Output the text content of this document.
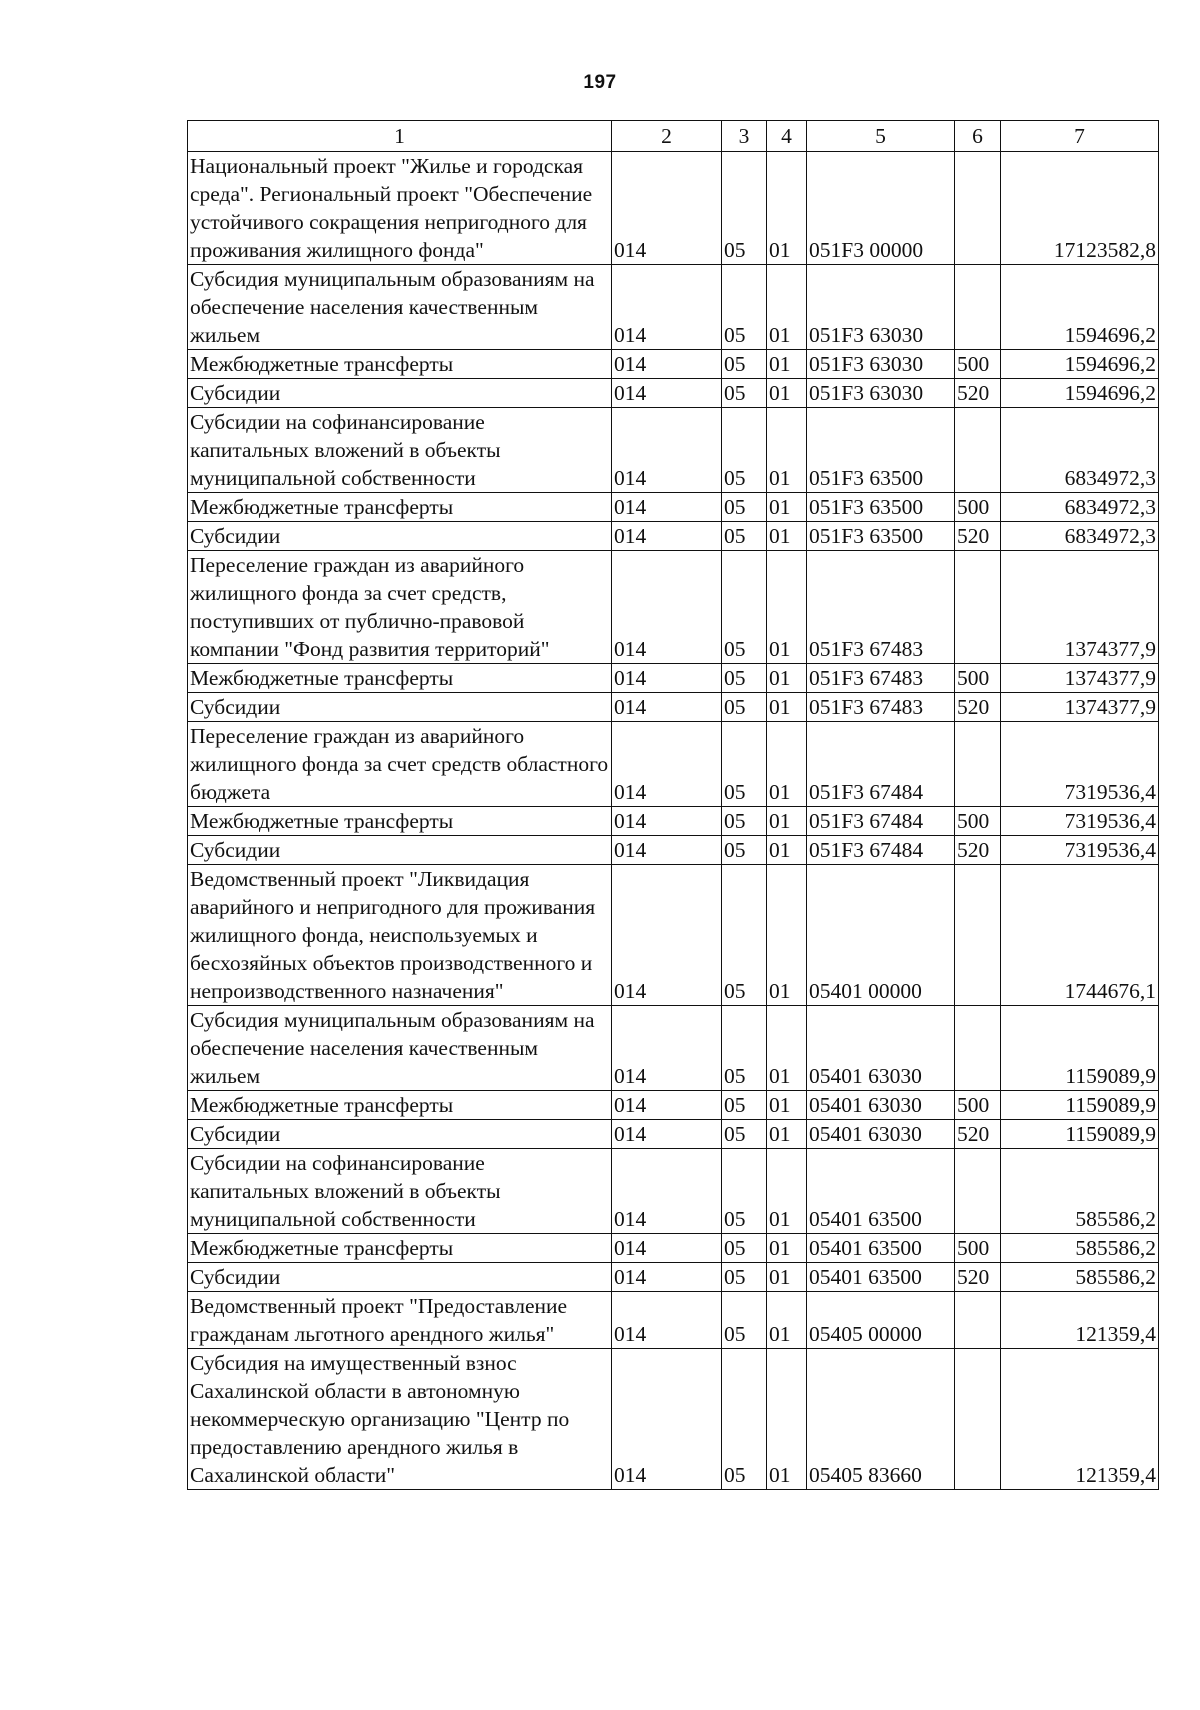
197
1	2	3	4	5	6	7
Национальный проект "Жилье и городская среда". Региональный проект "Обеспечение устойчивого сокращения непригодного для проживания жилищного фонда"	014	05	01	051F3 00000		17123582,8
Субсидия муниципальным образованиям на обеспечение населения качественным жильем	014	05	01	051F3 63030		1594696,2
Межбюджетные трансферты	014	05	01	051F3 63030	500	1594696,2
Субсидии	014	05	01	051F3 63030	520	1594696,2
Субсидии на софинансирование капитальных вложений в объекты муниципальной собственности	014	05	01	051F3 63500		6834972,3
Межбюджетные трансферты	014	05	01	051F3 63500	500	6834972,3
Субсидии	014	05	01	051F3 63500	520	6834972,3
Переселение граждан из аварийного жилищного фонда за счет средств, поступивших от публично-правовой компании "Фонд развития территорий"	014	05	01	051F3 67483		1374377,9
Межбюджетные трансферты	014	05	01	051F3 67483	500	1374377,9
Субсидии	014	05	01	051F3 67483	520	1374377,9
Переселение граждан из аварийного жилищного фонда за счет средств областного бюджета	014	05	01	051F3 67484		7319536,4
Межбюджетные трансферты	014	05	01	051F3 67484	500	7319536,4
Субсидии	014	05	01	051F3 67484	520	7319536,4
Ведомственный проект "Ликвидация аварийного и непригодного для проживания жилищного фонда, неиспользуемых и бесхозяйных объектов производственного и непроизводственного назначения"	014	05	01	05401 00000		1744676,1
Субсидия муниципальным образованиям на обеспечение населения качественным жильем	014	05	01	05401 63030		1159089,9
Межбюджетные трансферты	014	05	01	05401 63030	500	1159089,9
Субсидии	014	05	01	05401 63030	520	1159089,9
Субсидии на софинансирование капитальных вложений в объекты муниципальной собственности	014	05	01	05401 63500		585586,2
Межбюджетные трансферты	014	05	01	05401 63500	500	585586,2
Субсидии	014	05	01	05401 63500	520	585586,2
Ведомственный проект "Предоставление гражданам льготного арендного жилья"	014	05	01	05405 00000		121359,4
Субсидия на имущественный взнос Сахалинской области в автономную некоммерческую организацию "Центр по предоставлению арендного жилья в Сахалинской области"	014	05	01	05405 83660		121359,4
